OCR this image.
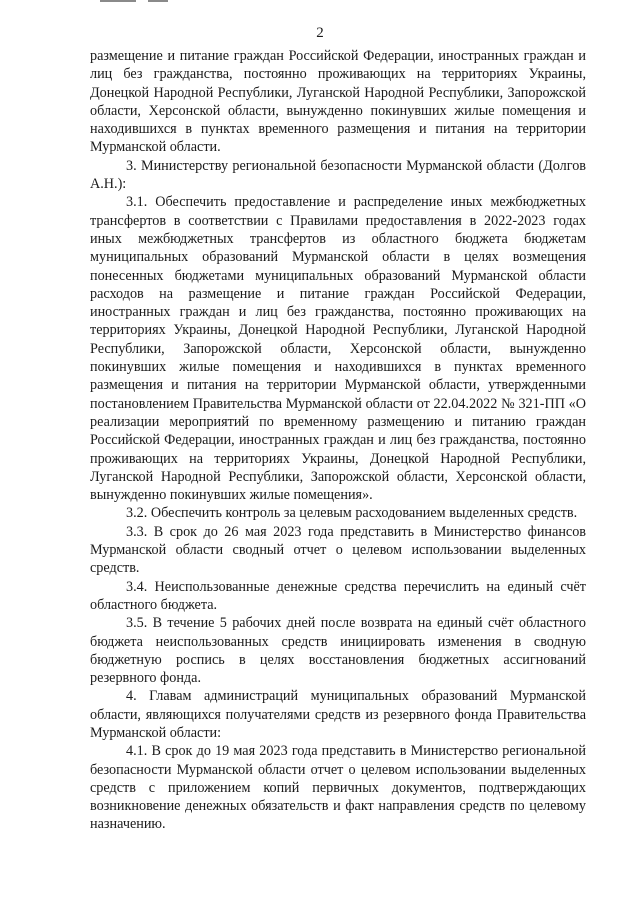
2

размещение и питание граждан Российской Федерации, иностранных граждан и лиц без гражданства, постоянно проживающих на территориях Украины, Донецкой Народной Республики, Луганской Народной Республики, Запорожской области, Херсонской области, вынужденно покинувших жилые помещения и находившихся в пунктах временного размещения и питания на территории Мурманской области.

3. Министерству региональной безопасности Мурманской области (Долгов А.Н.):

3.1. Обеспечить предоставление и распределение иных межбюджетных трансфертов в соответствии с Правилами предоставления в 2022-2023 годах иных межбюджетных трансфертов из областного бюджета бюджетам муниципальных образований Мурманской области в целях возмещения понесенных бюджетами муниципальных образований Мурманской области расходов на размещение и питание граждан Российской Федерации, иностранных граждан и лиц без гражданства, постоянно проживающих на территориях Украины, Донецкой Народной Республики, Луганской Народной Республики, Запорожской области, Херсонской области, вынужденно покинувших жилые помещения и находившихся в пунктах временного размещения и питания на территории Мурманской области, утвержденными постановлением Правительства Мурманской области от 22.04.2022 № 321-ПП «О реализации мероприятий по временному размещению и питанию граждан Российской Федерации, иностранных граждан и лиц без гражданства, постоянно проживающих на территориях Украины, Донецкой Народной Республики, Луганской Народной Республики, Запорожской области, Херсонской области, вынужденно покинувших жилые помещения».

3.2. Обеспечить контроль за целевым расходованием выделенных средств.

3.3. В срок до 26 мая 2023 года представить в Министерство финансов Мурманской области сводный отчет о целевом использовании выделенных средств.

3.4. Неиспользованные денежные средства перечислить на единый счёт областного бюджета.

3.5. В течение 5 рабочих дней после возврата на единый счёт областного бюджета неиспользованных средств инициировать изменения в сводную бюджетную роспись в целях восстановления бюджетных ассигнований резервного фонда.

4. Главам администраций муниципальных образований Мурманской области, являющихся получателями средств из резервного фонда Правительства Мурманской области:

4.1. В срок до 19 мая 2023 года представить в Министерство региональной безопасности Мурманской области отчет о целевом использовании выделенных средств с приложением копий первичных документов, подтверждающих возникновение денежных обязательств и факт направления средств по целевому назначению.
